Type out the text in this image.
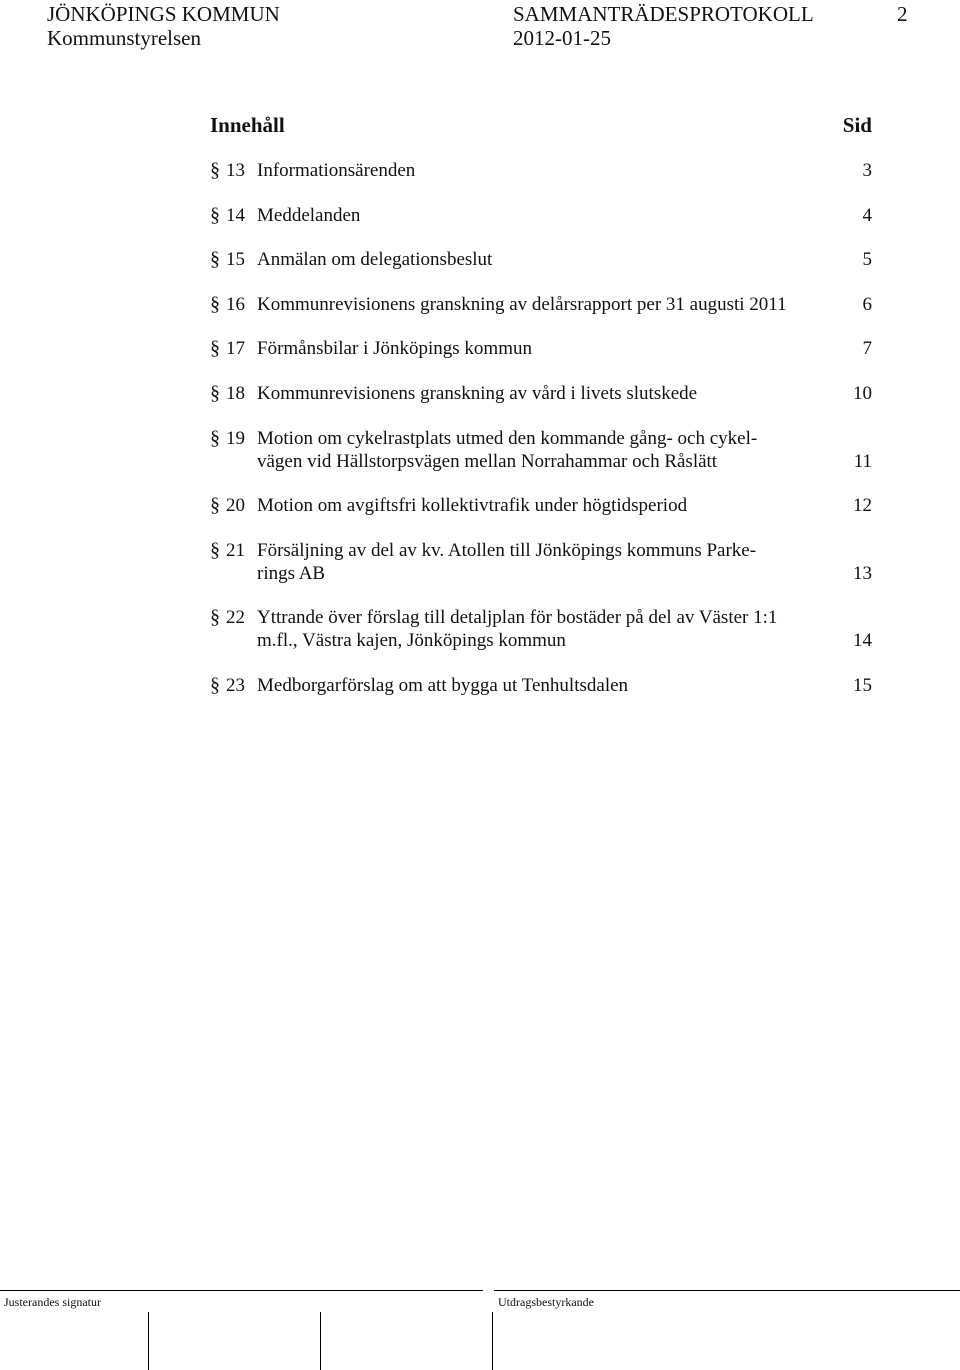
JÖNKÖPINGS KOMMUN
Kommunstyrelsen
SAMMANTRÄDESPROTOKOLL
2012-01-25
2
Innehåll	Sid
§ 13 Informationsärenden	3
§ 14 Meddelanden	4
§ 15 Anmälan om delegationsbeslut	5
§ 16 Kommunrevisionens granskning av delårsrapport per 31 augusti 2011	6
§ 17 Förmånsbilar i Jönköpings kommun	7
§ 18 Kommunrevisionens granskning av vård i livets slutskede	10
§ 19 Motion om cykelrastplats utmed den kommande gång- och cykel-
vägen vid Hällstorpsvägen mellan Norrahammar och Råslätt	11
§ 20 Motion om avgiftsfri kollektivtrafik under högtidsperiod	12
§ 21 Försäljning av del av kv. Atollen till Jönköpings kommuns Parke-
rings AB	13
§ 22 Yttrande över förslag till detaljplan för bostäder på del av Väster 1:1
m.fl., Västra kajen, Jönköpings kommun	14
§ 23 Medborgarförslag om att bygga ut Tenhultsdalen	15
Justerandes signatur	Utdragsbestyrkande
